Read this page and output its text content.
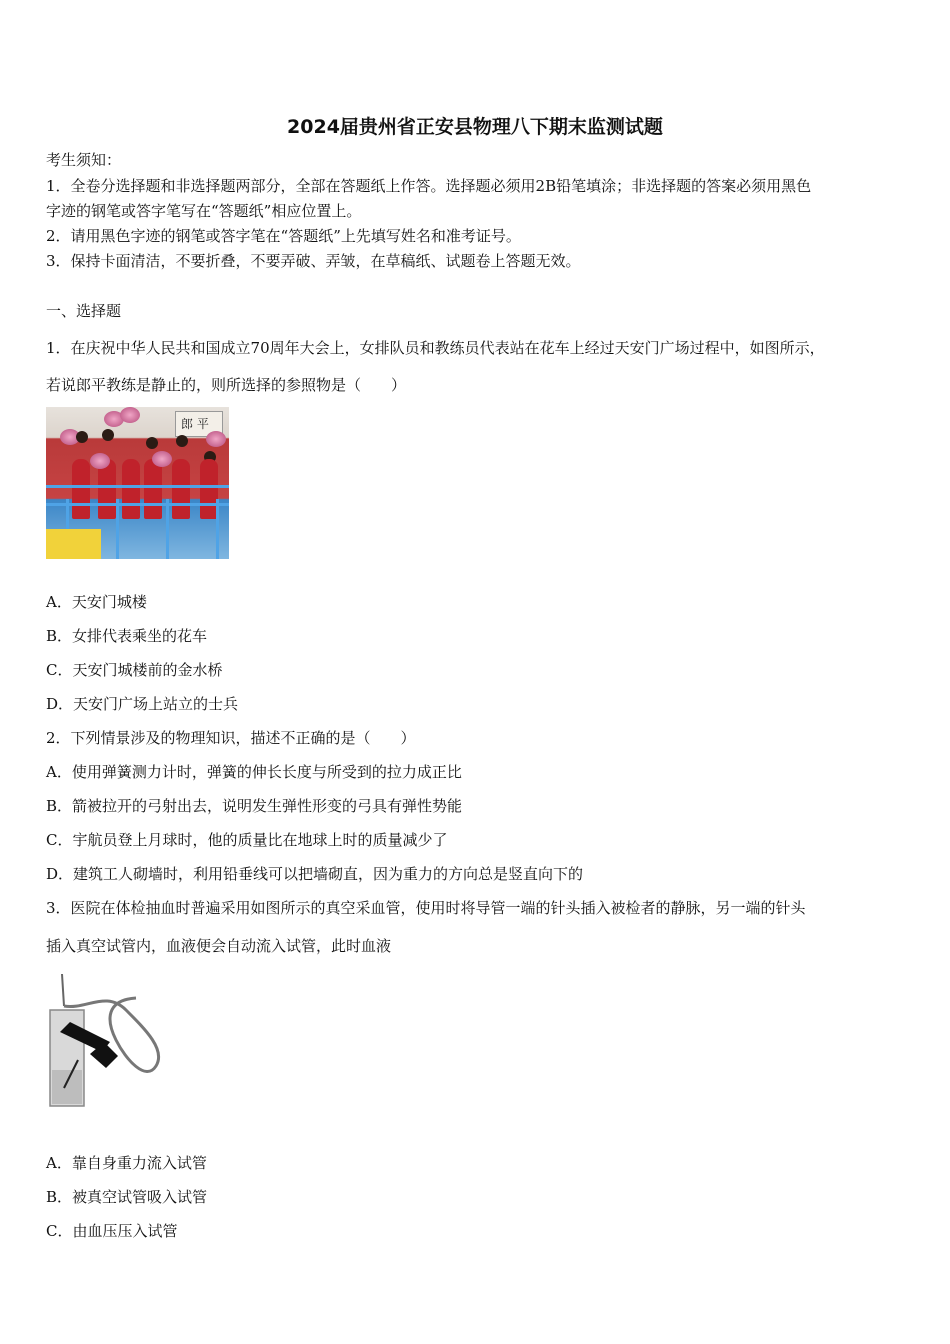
2024届贵州省正安县物理八下期末监测试题
考生须知：
1．全卷分选择题和非选择题两部分，全部在答题纸上作答。选择题必须用2B铅笔填涂；非选择题的答案必须用黑色
字迹的钢笔或答字笔写在“答题纸”相应位置上。
2．请用黑色字迹的钢笔或答字笔在“答题纸”上先填写姓名和准考证号。
3．保持卡面清洁，不要折叠，不要弄破、弄皱，在草稿纸、试题卷上答题无效。
一、选择题
1．在庆祝中华人民共和国成立70周年大会上，女排队员和教练员代表站在花车上经过天安门广场过程中，如图所示，
若说郎平教练是静止的，则所选择的参照物是（　　）
郎 平
A．天安门城楼
B．女排代表乘坐的花车
C．天安门城楼前的金水桥
D．天安门广场上站立的士兵
2．下列情景涉及的物理知识，描述不正确的是（　　）
A．使用弹簧测力计时，弹簧的伸长长度与所受到的拉力成正比
B．箭被拉开的弓射出去，说明发生弹性形变的弓具有弹性势能
C．宇航员登上月球时，他的质量比在地球上时的质量减少了
D．建筑工人砌墙时，利用铅垂线可以把墙砌直，因为重力的方向总是竖直向下的
3．医院在体检抽血时普遍采用如图所示的真空采血管，使用时将导管一端的针头插入被检者的静脉，另一端的针头
插入真空试管内，血液便会自动流入试管，此时血液
A．靠自身重力流入试管
B．被真空试管吸入试管
C．由血压压入试管
